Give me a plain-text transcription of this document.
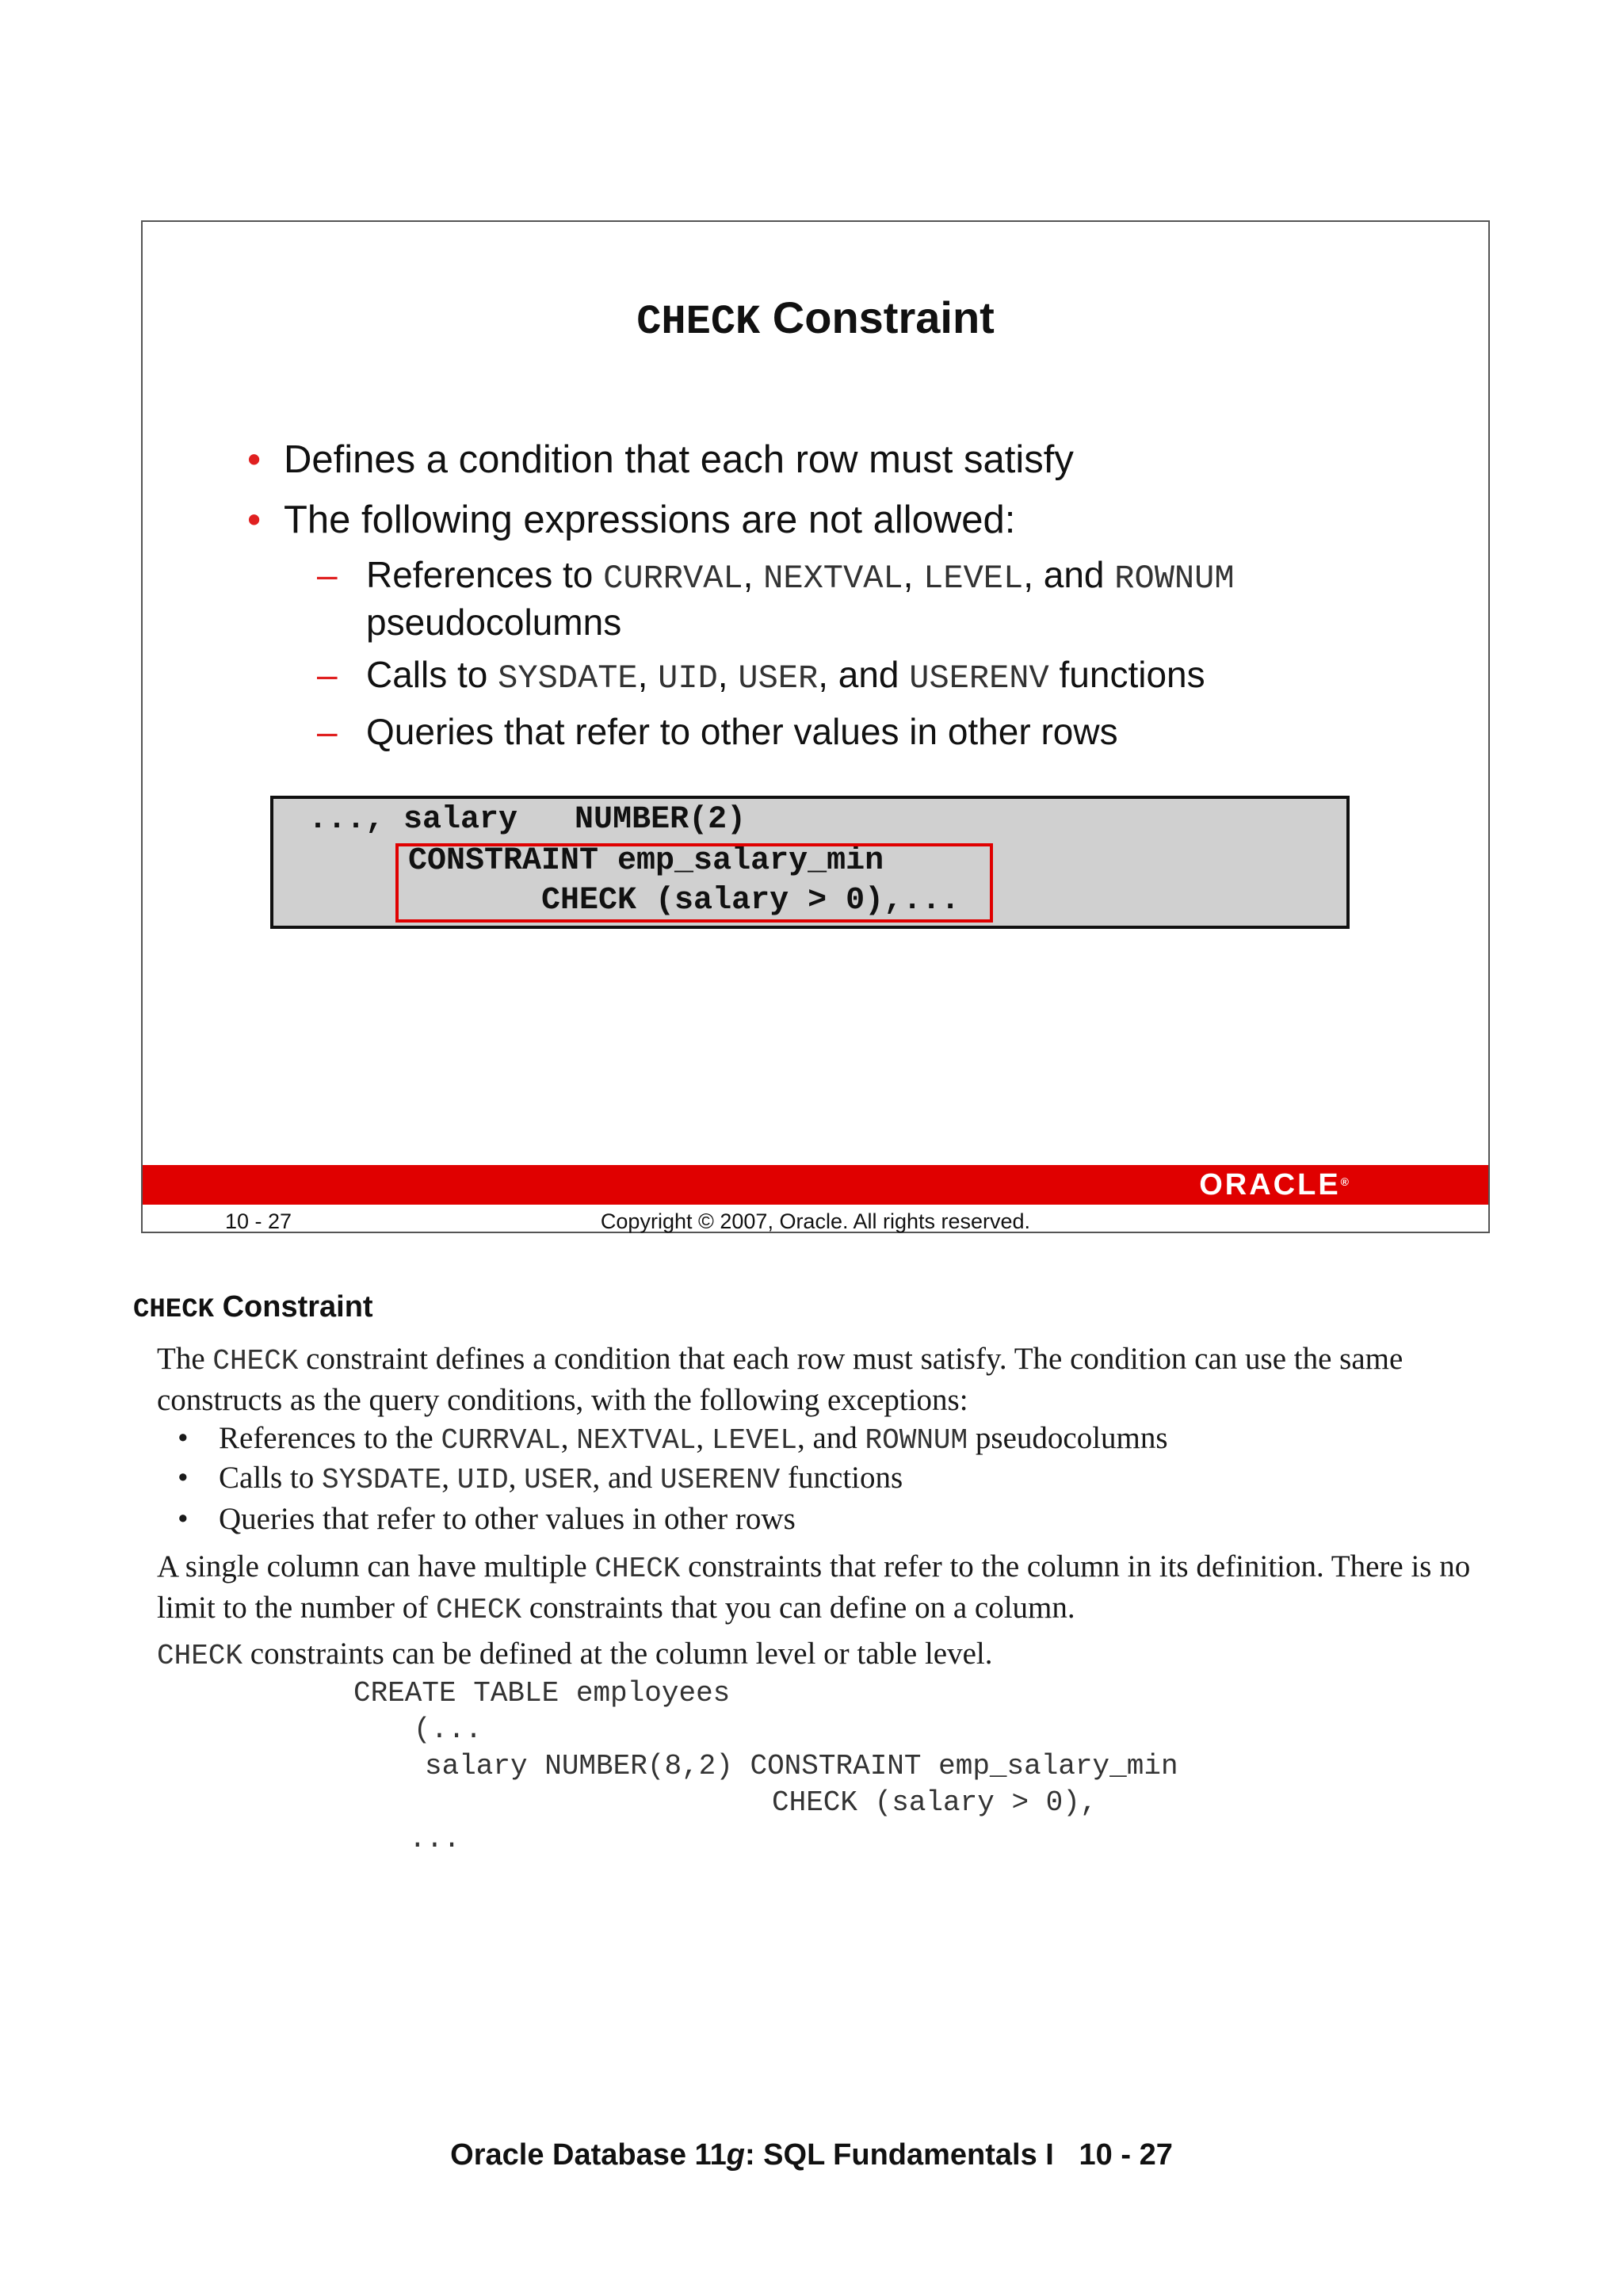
CHECK Constraint
• Defines a condition that each row must satisfy
• The following expressions are not allowed:
– References to CURRVAL, NEXTVAL, LEVEL, and ROWNUM
pseudocolumns
– Calls to SYSDATE, UID, USER, and USERENV functions
– Queries that refer to other values in other rows
..., salary   NUMBER(2)
CONSTRAINT emp_salary_min
CHECK (salary > 0),...
ORACLE®
10 - 27	Copyright © 2007, Oracle. All rights reserved.
CHECK Constraint
The CHECK constraint defines a condition that each row must satisfy. The condition can use the same constructs as the query conditions, with the following exceptions:
• References to the CURRVAL, NEXTVAL, LEVEL, and ROWNUM pseudocolumns
• Calls to SYSDATE, UID, USER, and USERENV functions
• Queries that refer to other values in other rows
A single column can have multiple CHECK constraints that refer to the column in its definition. There is no limit to the number of CHECK constraints that you can define on a column.
CHECK constraints can be defined at the column level or table level.
CREATE TABLE employees
(...
salary NUMBER(8,2) CONSTRAINT emp_salary_min
CHECK (salary > 0),
...
Oracle Database 11g: SQL Fundamentals I   10 - 27
